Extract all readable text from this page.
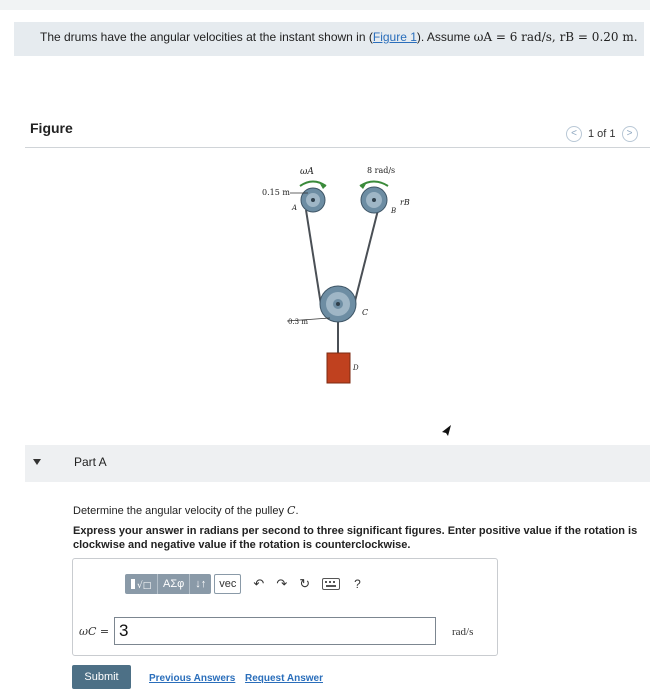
The drums have the angular velocities at the instant shown in (Figure 1). Assume ωA = 6 rad/s, rB = 0.20 m.
Figure	< 1 of 1 >
ωA	8 rad/s
rB
0.15 m
A	B
C
0.3 m
D
Part A
Determine the angular velocity of the pulley C.
Express your answer in radians per second to three significant figures. Enter positive value if the rotation is clockwise and negative value if the rotation is counterclockwise.
√□	ΑΣφ	↓↑	vec	↶ ↷ ↻	?
ωC =
3	rad/s
Submit	Previous Answers Request Answer
